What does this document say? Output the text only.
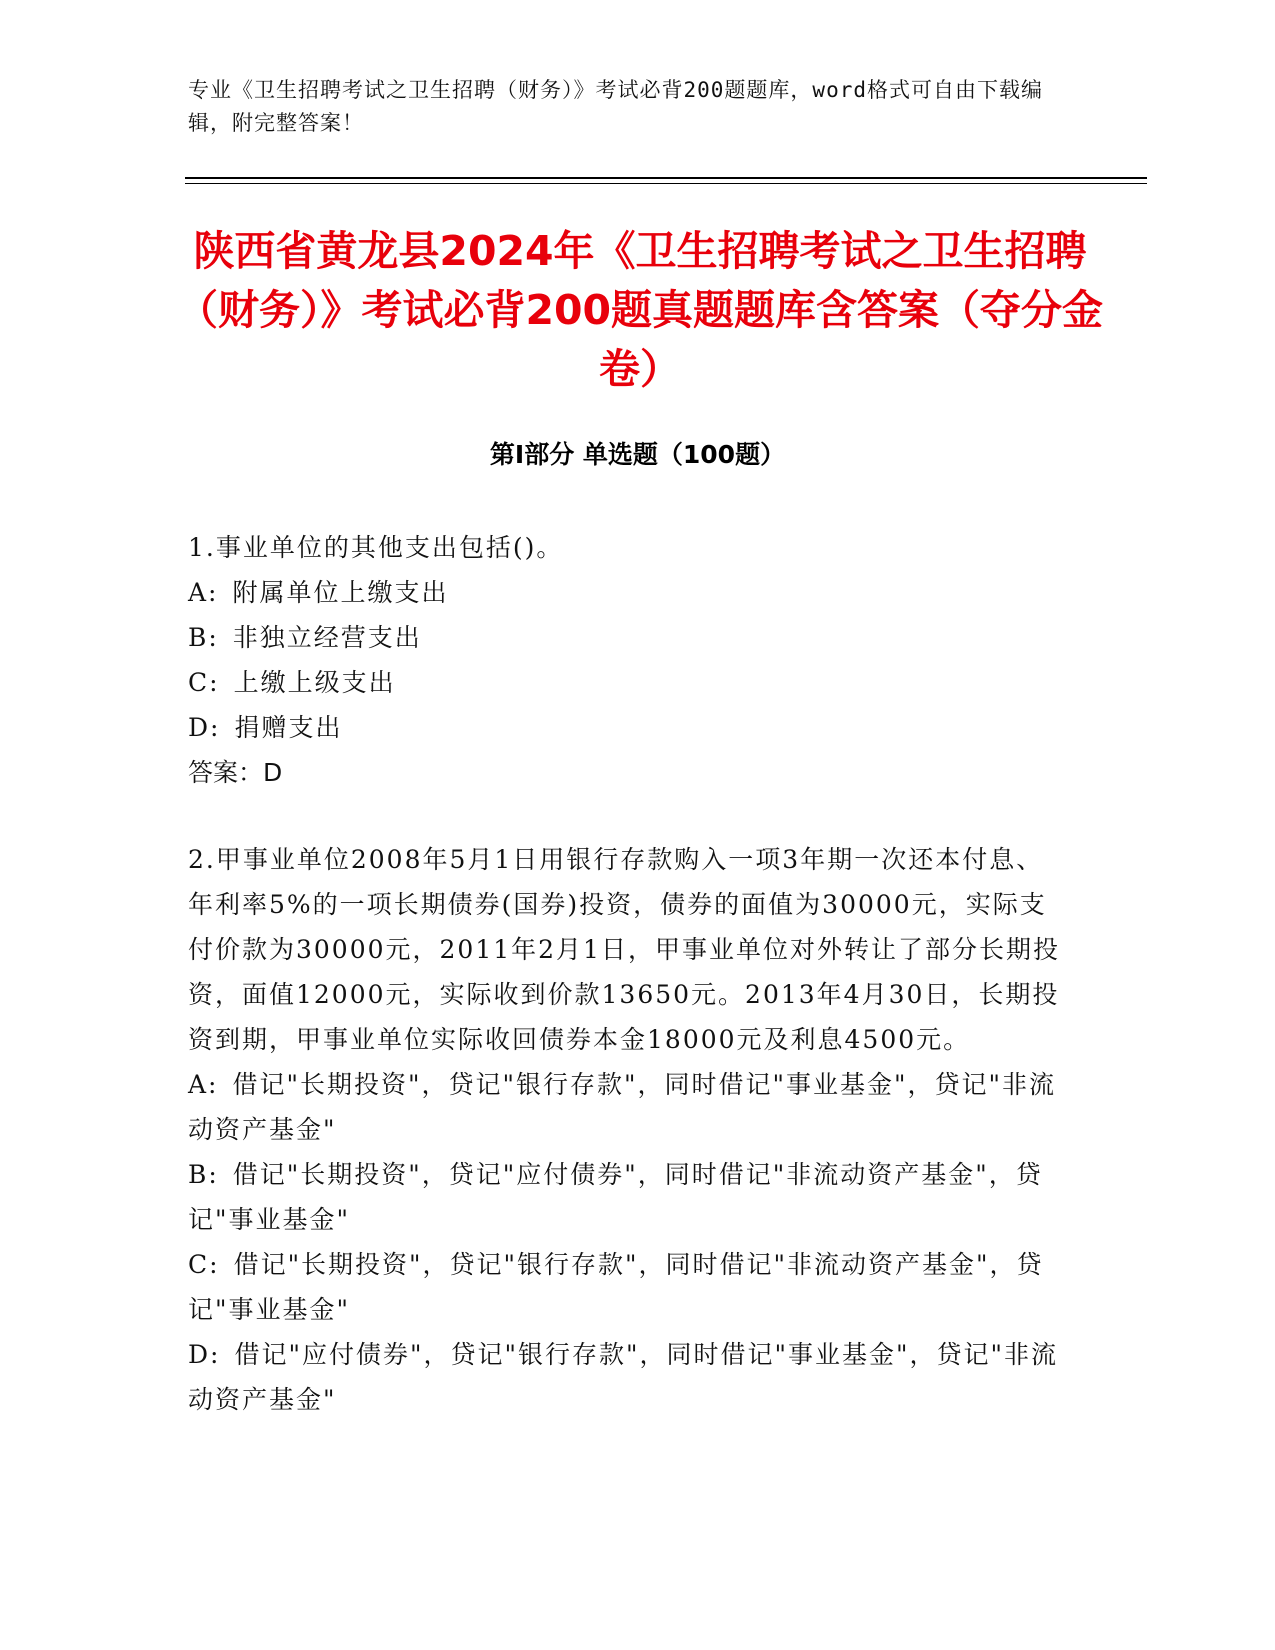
专业《卫生招聘考试之卫生招聘（财务）》考试必背200题题库，word格式可自由下载编辑，附完整答案！
陕西省黄龙县2024年《卫生招聘考试之卫生招聘（财务）》考试必背200题真题题库含答案（夺分金卷）
第Ⅰ部分 单选题（100题）

1.事业单位的其他支出包括()。

A: 附属单位上缴支出

B: 非独立经营支出

C: 上缴上级支出

D: 捐赠支出

答案：D

2.甲事业单位2008年5月1日用银行存款购入一项3年期一次还本付息、年利率5%的一项长期债券(国券)投资，债券的面值为30000元，实际支付价款为30000元，2011年2月1日，甲事业单位对外转让了部分长期投资，面值12000元，实际收到价款13650元。2013年4月30日，长期投资到期，甲事业单位实际收回债券本金18000元及利息4500元。

A: 借记"长期投资"，贷记"银行存款"，同时借记"事业基金"，贷记"非流动资产基金"

B: 借记"长期投资"，贷记"应付债券"，同时借记"非流动资产基金"，贷记"事业基金"

C: 借记"长期投资"，贷记"银行存款"，同时借记"非流动资产基金"，贷记"事业基金"

D: 借记"应付债券"，贷记"银行存款"，同时借记"事业基金"，贷记"非流动资产基金"
